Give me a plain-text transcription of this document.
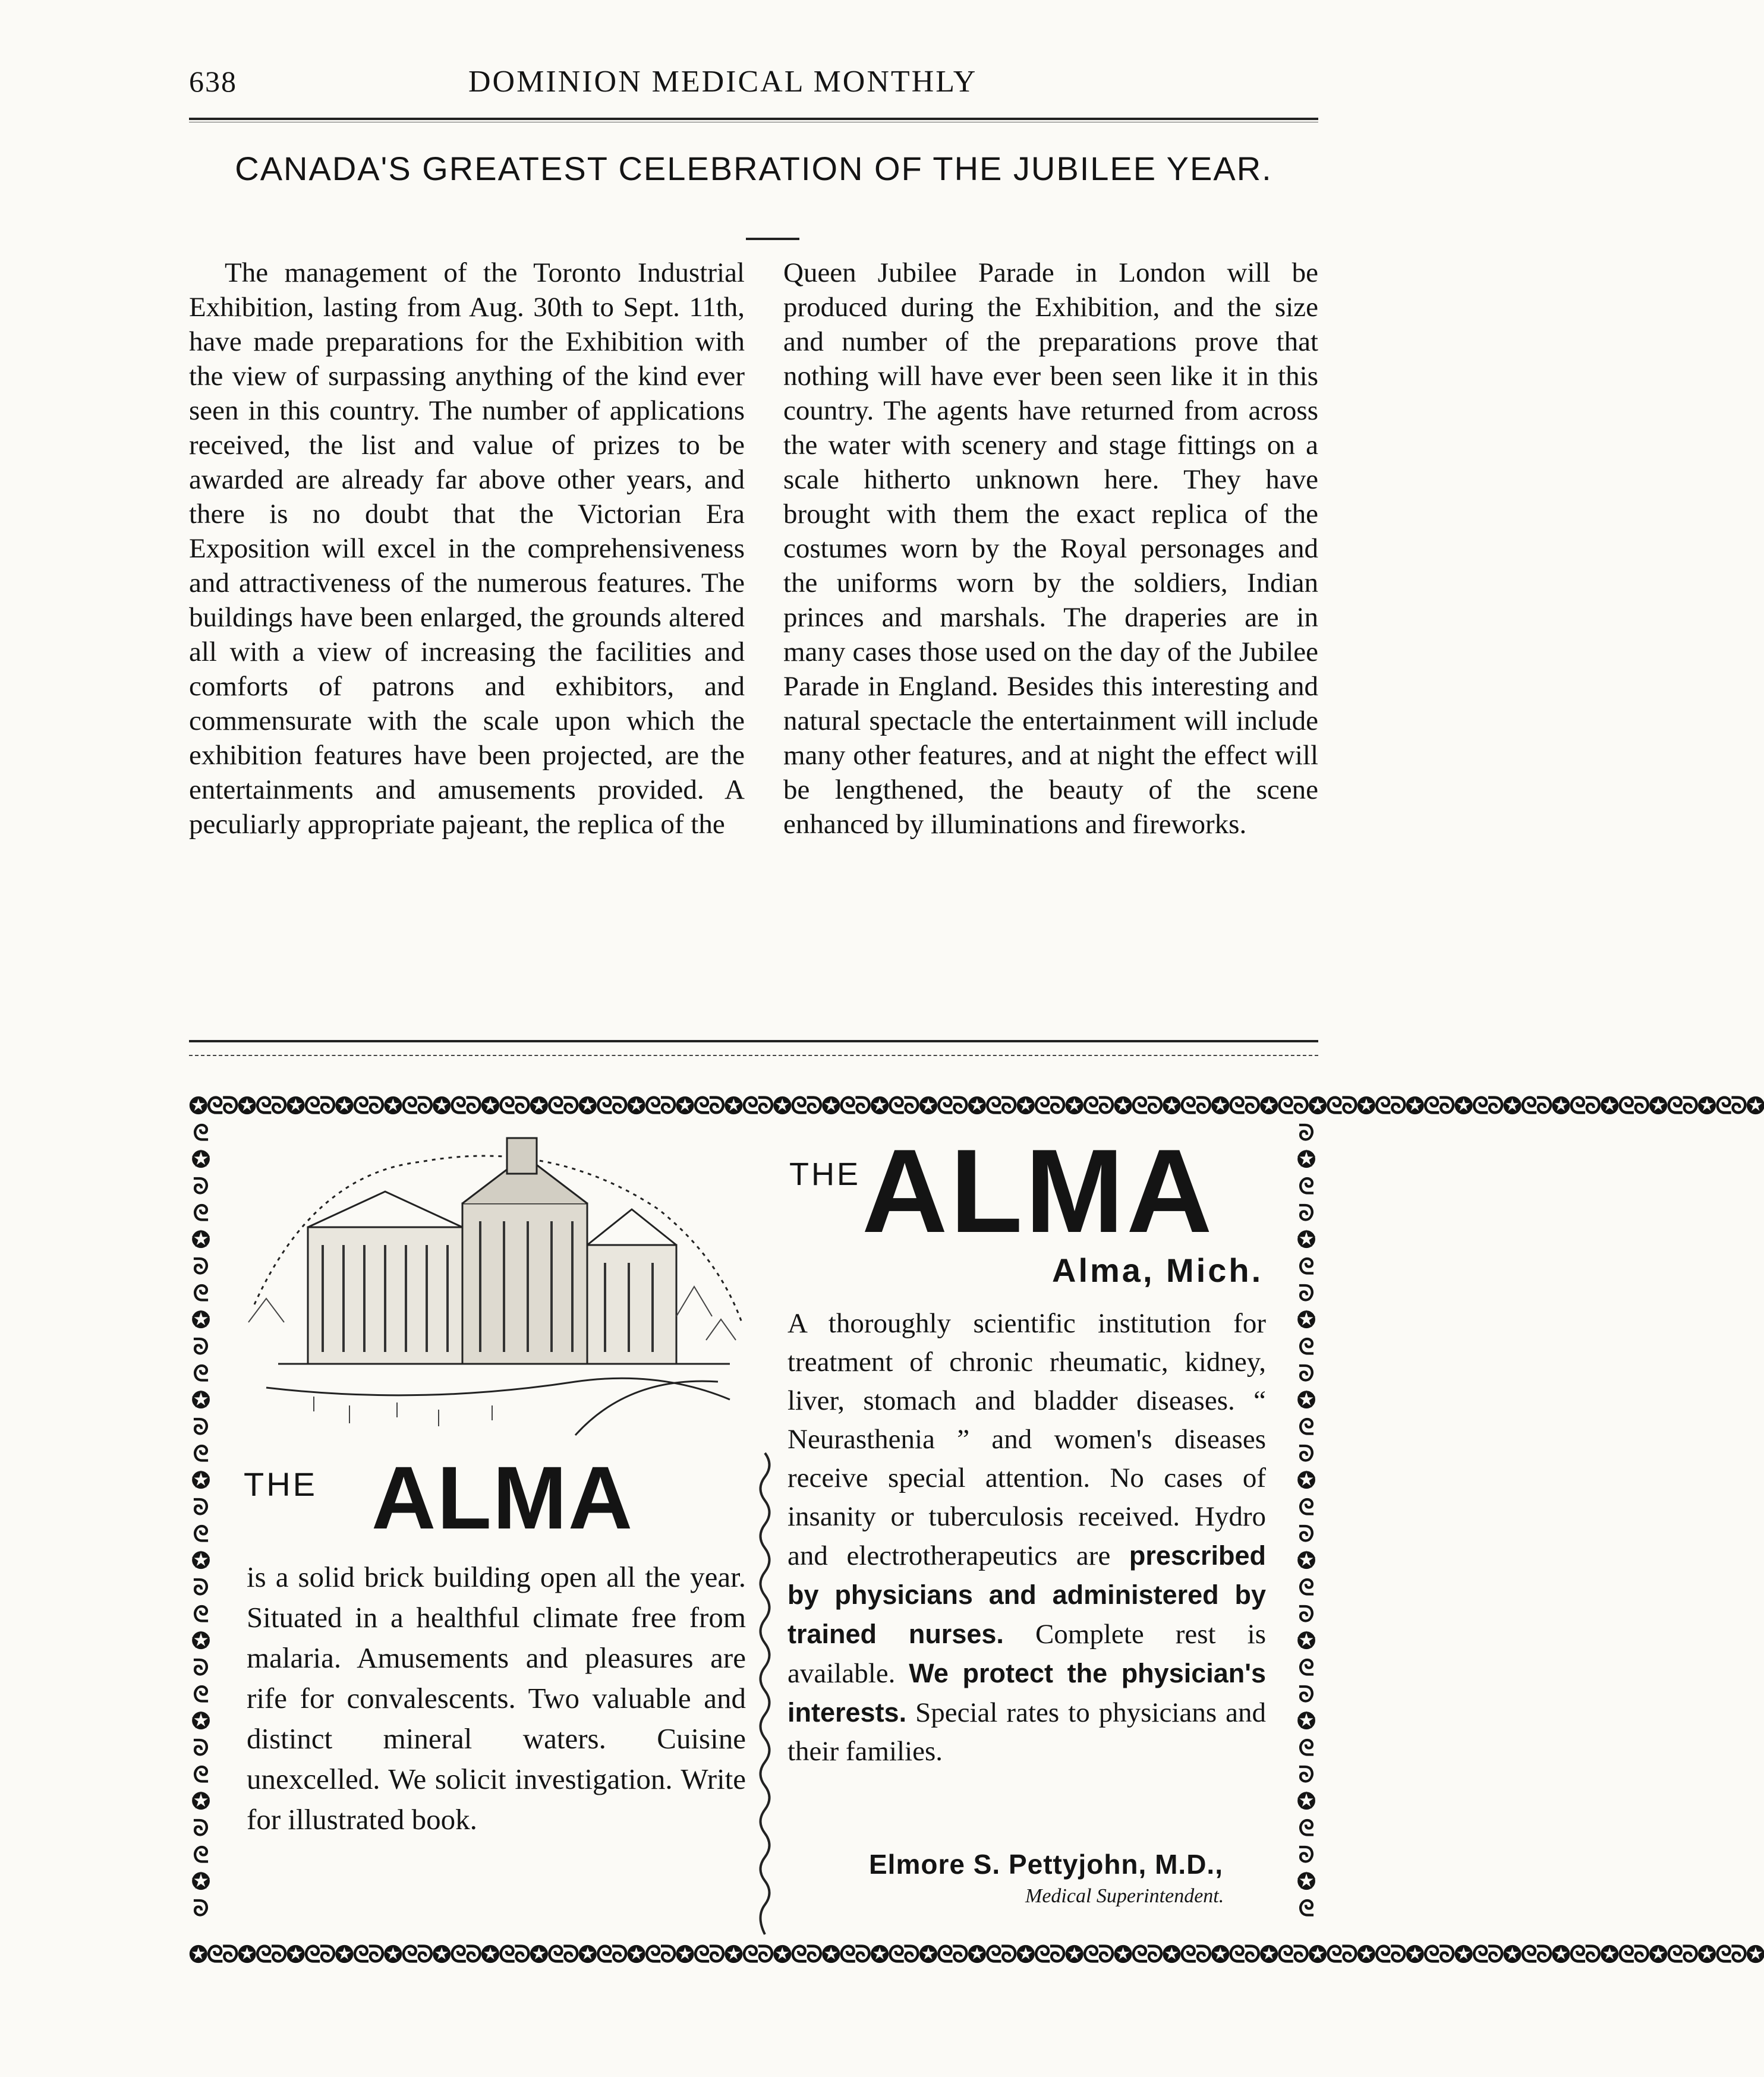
638	DOMINION MEDICAL MONTHLY
CANADA'S GREATEST CELEBRATION OF THE JUBILEE YEAR.

The management of the Toronto Industrial Exhibition, lasting from Aug. 30th to Sept. 11th, have made preparations for the Exhibition with the view of surpassing anything of the kind ever seen in this country. The number of applications received, the list and value of prizes to be awarded are already far above other years, and there is no doubt that the Victorian Era Exposition will excel in the comprehensiveness and attractiveness of the numerous features. The buildings have been enlarged, the grounds altered all with a view of increasing the facilities and comforts of patrons and exhibitors, and commensurate with the scale upon which the exhibition features have been projected, are the entertainments and amusements provided. A peculiarly appropriate pajeant, the replica of the

Queen Jubilee Parade in London will be produced during the Exhibition, and the size and number of the preparations prove that nothing will have ever been seen like it in this country. The agents have returned from across the water with scenery and stage fittings on a scale hitherto unknown here. They have brought with them the exact replica of the costumes worn by the Royal personages and the uniforms worn by the soldiers, Indian princes and marshals. The draperies are in many cases those used on the day of the Jubilee Parade in England. Besides this interesting and natural spectacle the entertainment will include many other features, and at night the effect will be lengthened, the beauty of the scene enhanced by illuminations and fireworks.

✪ᘓᘐ✪ᘓᘐ✪ᘓᘐ✪ᘓᘐ✪ᘓᘐ✪ᘓᘐ✪ᘓᘐ✪ᘓᘐ✪ᘓᘐ✪ᘓᘐ✪ᘓᘐ✪ᘓᘐ✪ᘓᘐ✪ᘓᘐ✪ᘓᘐ✪ᘓᘐ✪ᘓᘐ✪ᘓᘐ✪ᘓᘐ✪ᘓᘐ✪ᘓᘐ✪ᘓᘐ✪ᘓᘐ✪ᘓᘐ✪ᘓᘐ✪ᘓᘐ✪ᘓᘐ✪ᘓᘐ✪ᘓᘐ✪ᘓᘐ✪ᘓᘐ✪ᘓᘐ✪
✪ᘓᘐ✪ᘓᘐ✪ᘓᘐ✪ᘓᘐ✪ᘓᘐ✪ᘓᘐ✪ᘓᘐ✪ᘓᘐ✪ᘓᘐ✪ᘓᘐ✪ᘓᘐ✪ᘓᘐ✪ᘓᘐ✪ᘓᘐ✪ᘓᘐ✪ᘓᘐ✪ᘓᘐ✪ᘓᘐ✪ᘓᘐ✪ᘓᘐ✪ᘓᘐ✪ᘓᘐ✪ᘓᘐ✪ᘓᘐ✪ᘓᘐ✪ᘓᘐ✪ᘓᘐ✪ᘓᘐ✪ᘓᘐ✪ᘓᘐ✪ᘓᘐ✪ᘓᘐ✪
ᘓ
✪
ᘐ
ᘓ
✪
ᘐ
ᘓ
✪
ᘐ
ᘓ
✪
ᘐ
ᘓ
✪
ᘐ
ᘓ
✪
ᘐ
ᘓ
✪
ᘐ
ᘓ
✪
ᘐ
ᘓ
✪
ᘐ
ᘓ
✪
ᘐ
ᘐ
✪
ᘓ
ᘐ
✪
ᘓ
ᘐ
✪
ᘓ
ᘐ
✪
ᘓ
ᘐ
✪
ᘓ
ᘐ
✪
ᘓ
ᘐ
✪
ᘓ
ᘐ
✪
ᘓ
ᘐ
✪
ᘓ
ᘐ
✪
ᘓ
THE ALMA

is a solid brick building open all the year. Situated in a healthful climate free from malaria. Amusements and pleasures are rife for convalescents. Two valuable and distinct mineral waters. Cuisine unexcelled. We solicit investigation. Write for illustrated book.

THE ALMA
Alma, Mich.

A thoroughly scientific institution for treatment of chronic rheumatic, kidney, liver, stomach and bladder diseases. “ Neurasthenia ” and women's diseases receive special attention. No cases of insanity or tuberculosis received. Hydro and electrotherapeutics are prescribed by physicians and administered by trained nurses. Complete rest is available. We protect the physician's interests. Special rates to physicians and their families.

Elmore S. Pettyjohn, M.D.,
Medical Superintendent.
